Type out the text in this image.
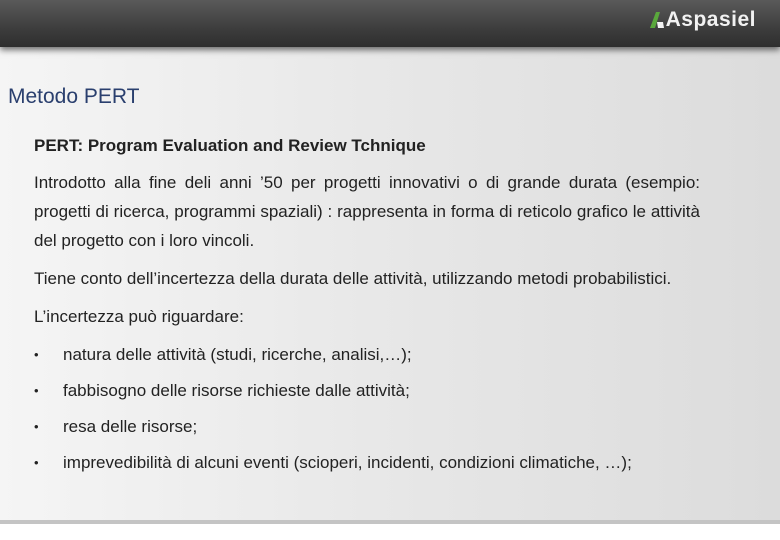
Aspasiel
Metodo PERT

PERT: Program Evaluation and Review Tchnique

Introdotto alla fine deli anni ’50 per progetti innovativi o di grande durata (esempio: progetti di ricerca, programmi spaziali) : rappresenta in forma di reticolo grafico le attività del progetto con i loro vincoli.

Tiene conto dell’incertezza della durata delle attività, utilizzando metodi probabilistici.

L’incertezza può riguardare:

• natura delle attività (studi, ricerche, analisi,…);
• fabbisogno delle risorse richieste dalle attività;
• resa delle risorse;
• imprevedibilità di alcuni eventi (scioperi, incidenti, condizioni climatiche, …);
